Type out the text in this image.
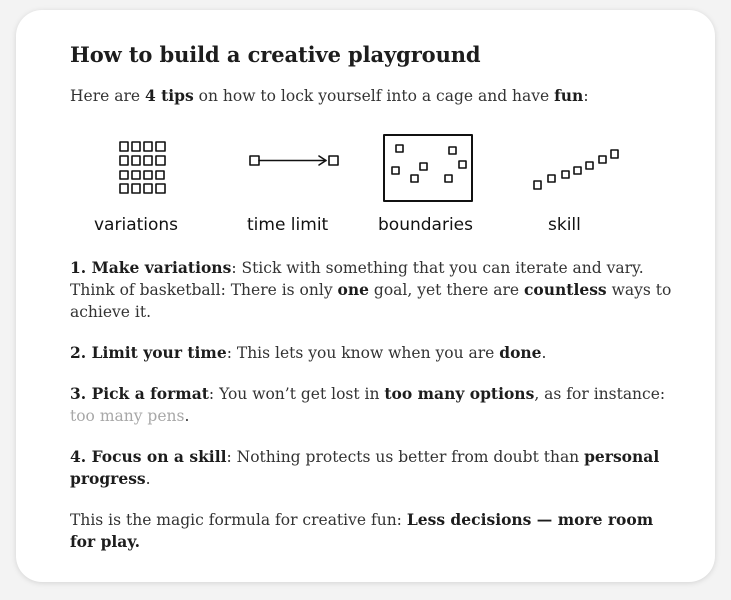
How to build a creative playground

Here are 4 tips on how to lock yourself into a cage and have fun:

variations	time limit	boundaries	skill

1. Make variations: Stick with something that you can iterate and vary. Think of basketball: There is only one goal, yet there are countless ways to achieve it.

2. Limit your time: This lets you know when you are done.

3. Pick a format: You won’t get lost in too many options, as for instance: too many pens.

4. Focus on a skill: Nothing protects us better from doubt than personal progress.

This is the magic formula for creative fun: Less decisions — more room for play.
